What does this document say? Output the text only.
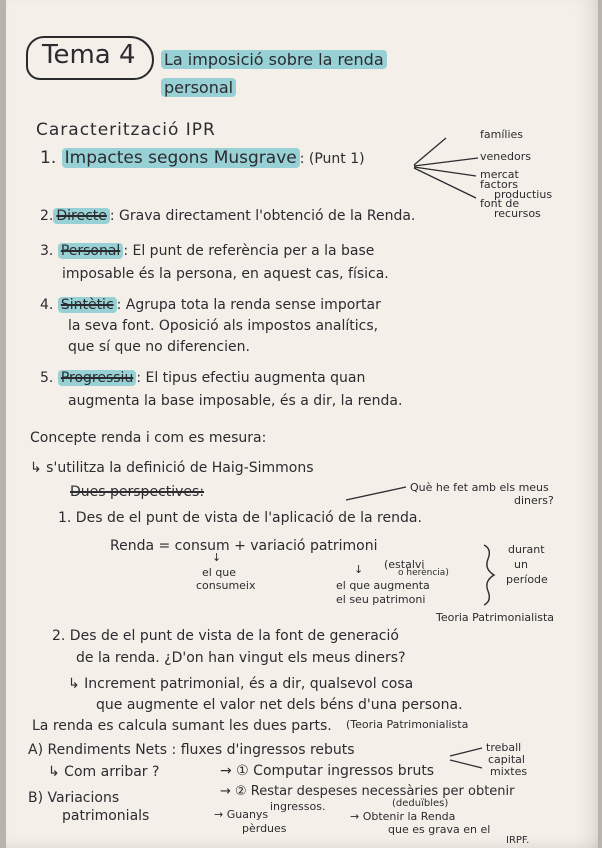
Tema 4 La imposició sobre la renda
personal
Caracterització IPR
1. Impactes segons Musgrave : (Punt 1)
famílies
venedors
mercat
factors
productius
font de
recursos
2. Directe : Grava directament l'obtenció de la Renda.
3. Personal : El punt de referència per a la base
imposable és la persona, en aquest cas, física.
4. Sintètic : Agrupa tota la renda sense importar
la seva font. Oposició als impostos analítics,
que sí que no diferencien.
5. Progressiu : El tipus efectiu augmenta quan
augmenta la base imposable, és a dir, la renda.
Concepte renda i com es mesura:
↳ s'utilitza la definició de Haig-Simmons
Dues perspectives:	Què he fet amb els meus
diners?
1. Des de el punt de vista de l'aplicació de la renda.
Renda = consum + variació patrimoni	durant
un
període
↓
el que
consumeix
↓ (estalvi
o herència)
el que augmenta
el seu patrimoni
Teoria Patrimonialista
2. Des de el punt de vista de la font de generació
de la renda. ¿D'on han vingut els meus diners?
↳ Increment patrimonial, és a dir, qualsevol cosa
que augmente el valor net dels béns d'una persona.
(Teoria Patrimonialista
La renda es calcula sumant les dues parts.
A) Rendiments Nets : fluxes d'ingressos rebuts	treball
capital
mixtes
↳ Com arribar ?	→ ① Computar ingressos bruts
→ ② Restar despeses necessàries per obtenir
ingressos.	(deduïbles)
B) Variacions
patrimonials	→ Guanys
pèrdues
→ Obtenir la Renda
que es grava en el
IRPF.
